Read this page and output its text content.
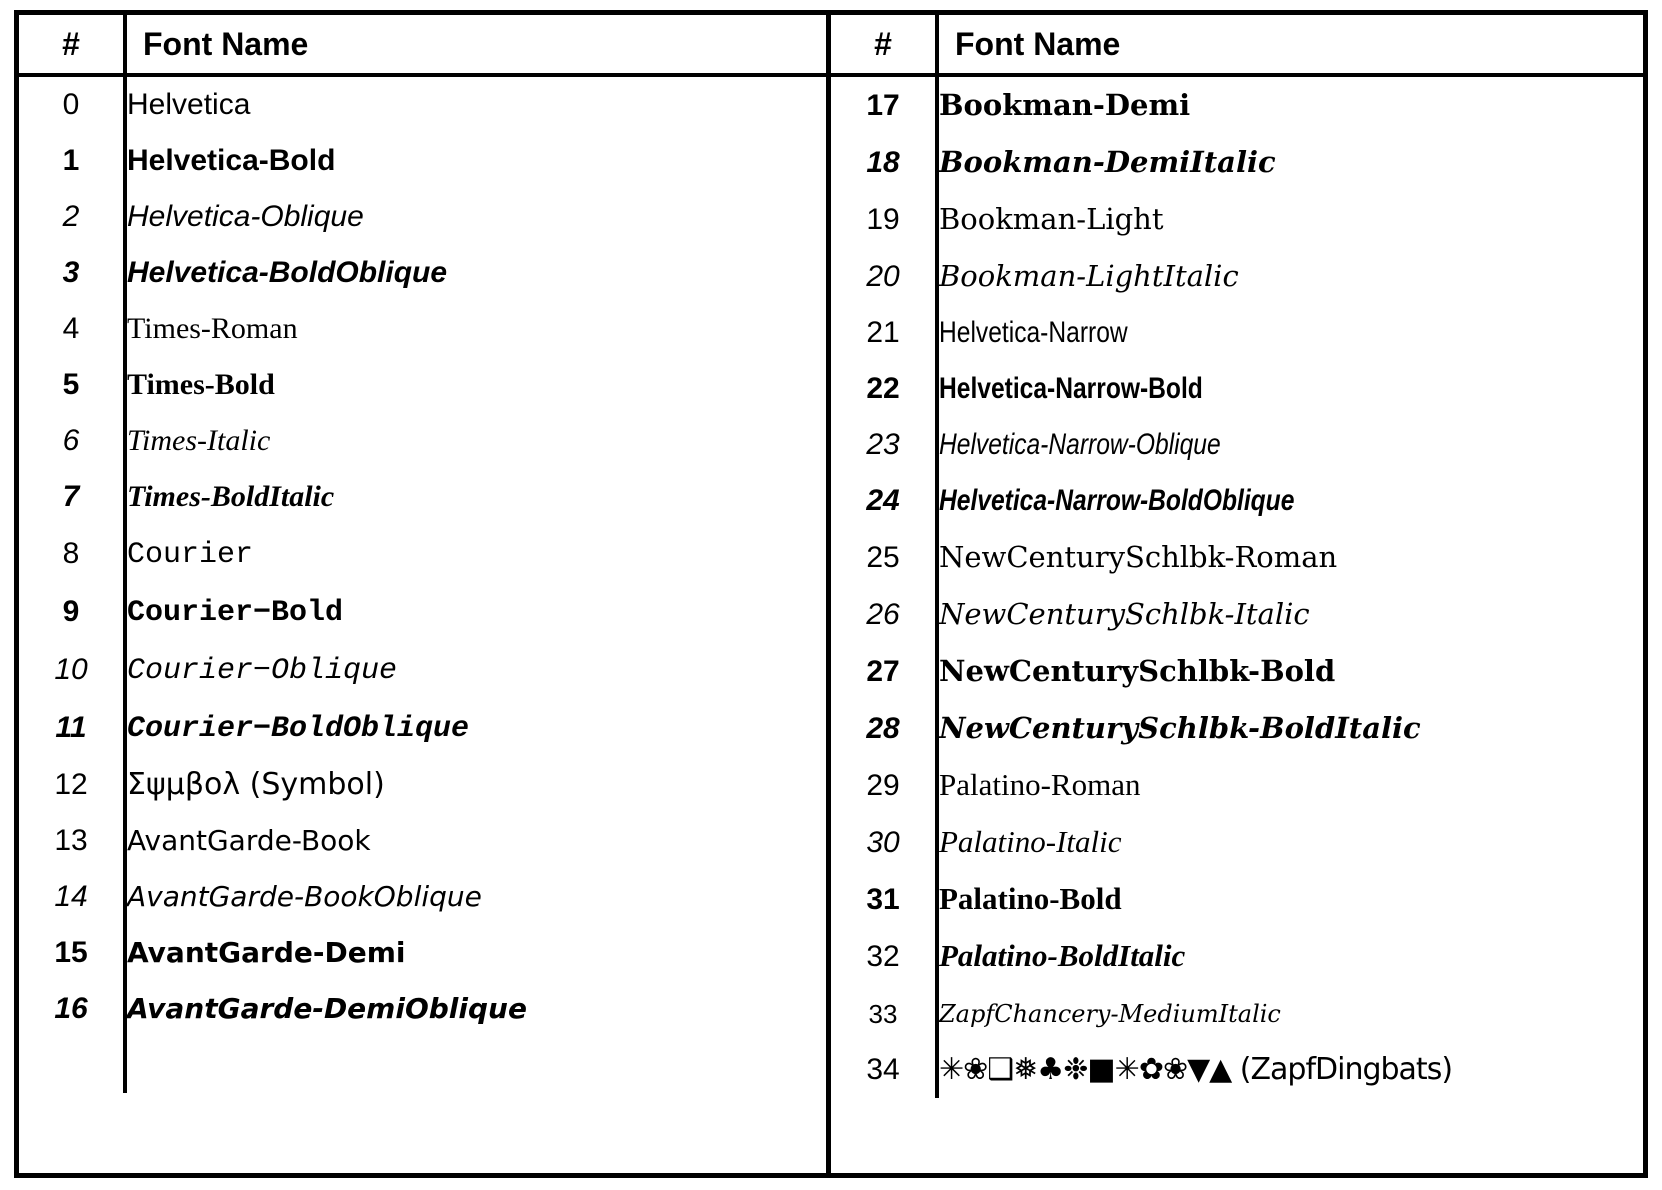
#	Font Name
0	Helvetica
1	Helvetica-Bold
2	Helvetica-Oblique
3	Helvetica-BoldOblique
4	Times-Roman
5	Times-Bold
6	Times-Italic
7	Times-BoldItalic
8	Courier
9	Courier−Bold
10	Courier−Oblique
11	Courier−BoldOblique
12	Σψμβολ (Symbol)
13	AvantGarde-Book
14	AvantGarde-BookOblique
15	AvantGarde-Demi
16	AvantGarde-DemiOblique

#	Font Name
17	Bookman-Demi
18	Bookman-DemiItalic
19	Bookman-Light
20	Bookman-LightItalic
21	Helvetica-Narrow
22	Helvetica-Narrow-Bold
23	Helvetica-Narrow-Oblique
24	Helvetica-Narrow-BoldOblique
25	NewCenturySchlbk-Roman
26	NewCenturySchlbk-Italic
27	NewCenturySchlbk-Bold
28	NewCenturySchlbk-BoldItalic
29	Palatino-Roman
30	Palatino-Italic
31	Palatino-Bold
32	Palatino-BoldItalic
33	ZapfChancery-MediumItalic
34	✳❀❑❅♣❉■✳✿❀▼▲ (ZapfDingbats)
